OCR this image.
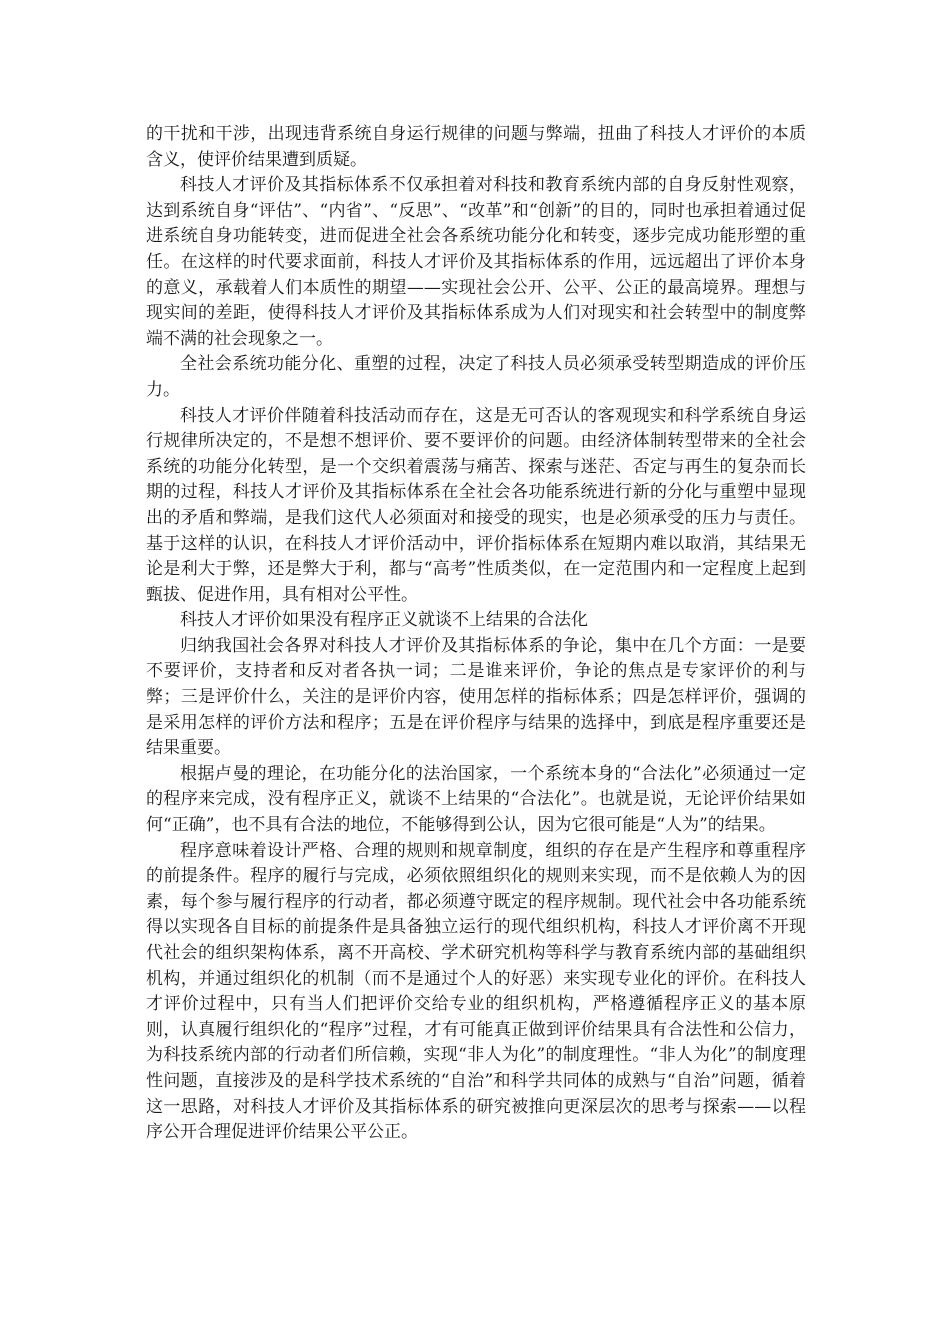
的干扰和干涉，出现违背系统自身运行规律的问题与弊端，扭曲了科技人才评价的本质含义，使评价结果遭到质疑。

科技人才评价及其指标体系不仅承担着对科技和教育系统内部的自身反射性观察，达到系统自身“评估”、“内省”、“反思”、“改革”和“创新”的目的，同时也承担着通过促进系统自身功能转变，进而促进全社会各系统功能分化和转变，逐步完成功能形塑的重任。在这样的时代要求面前，科技人才评价及其指标体系的作用，远远超出了评价本身的意义，承载着人们本质性的期望——实现社会公开、公平、公正的最高境界。理想与现实间的差距，使得科技人才评价及其指标体系成为人们对现实和社会转型中的制度弊端不满的社会现象之一。

全社会系统功能分化、重塑的过程，决定了科技人员必须承受转型期造成的评价压力。

科技人才评价伴随着科技活动而存在，这是无可否认的客观现实和科学系统自身运行规律所决定的，不是想不想评价、要不要评价的问题。由经济体制转型带来的全社会系统的功能分化转型，是一个交织着震荡与痛苦、探索与迷茫、否定与再生的复杂而长期的过程，科技人才评价及其指标体系在全社会各功能系统进行新的分化与重塑中显现出的矛盾和弊端，是我们这代人必须面对和接受的现实，也是必须承受的压力与责任。基于这样的认识，在科技人才评价活动中，评价指标体系在短期内难以取消，其结果无论是利大于弊，还是弊大于利，都与“高考”性质类似，在一定范围内和一定程度上起到甄拔、促进作用，具有相对公平性。

科技人才评价如果没有程序正义就谈不上结果的合法化

归纳我国社会各界对科技人才评价及其指标体系的争论，集中在几个方面：一是要不要评价，支持者和反对者各执一词；二是谁来评价，争论的焦点是专家评价的利与弊；三是评价什么，关注的是评价内容，使用怎样的指标体系；四是怎样评价，强调的是采用怎样的评价方法和程序；五是在评价程序与结果的选择中，到底是程序重要还是结果重要。

根据卢曼的理论，在功能分化的法治国家，一个系统本身的“合法化”必须通过一定的程序来完成，没有程序正义，就谈不上结果的“合法化”。也就是说，无论评价结果如何“正确”，也不具有合法的地位，不能够得到公认，因为它很可能是“人为”的结果。

程序意味着设计严格、合理的规则和规章制度，组织的存在是产生程序和尊重程序的前提条件。程序的履行与完成，必须依照组织化的规则来实现，而不是依赖人为的因素，每个参与履行程序的行动者，都必须遵守既定的程序规制。现代社会中各功能系统得以实现各自目标的前提条件是具备独立运行的现代组织机构，科技人才评价离不开现代社会的组织架构体系，离不开高校、学术研究机构等科学与教育系统内部的基础组织机构，并通过组织化的机制（而不是通过个人的好恶）来实现专业化的评价。在科技人才评价过程中，只有当人们把评价交给专业的组织机构，严格遵循程序正义的基本原则，认真履行组织化的“程序”过程，才有可能真正做到评价结果具有合法性和公信力，为科技系统内部的行动者们所信赖，实现“非人为化”的制度理性。“非人为化”的制度理性问题，直接涉及的是科学技术系统的“自治”和科学共同体的成熟与“自治”问题，循着这一思路，对科技人才评价及其指标体系的研究被推向更深层次的思考与探索——以程序公开合理促进评价结果公平公正。
